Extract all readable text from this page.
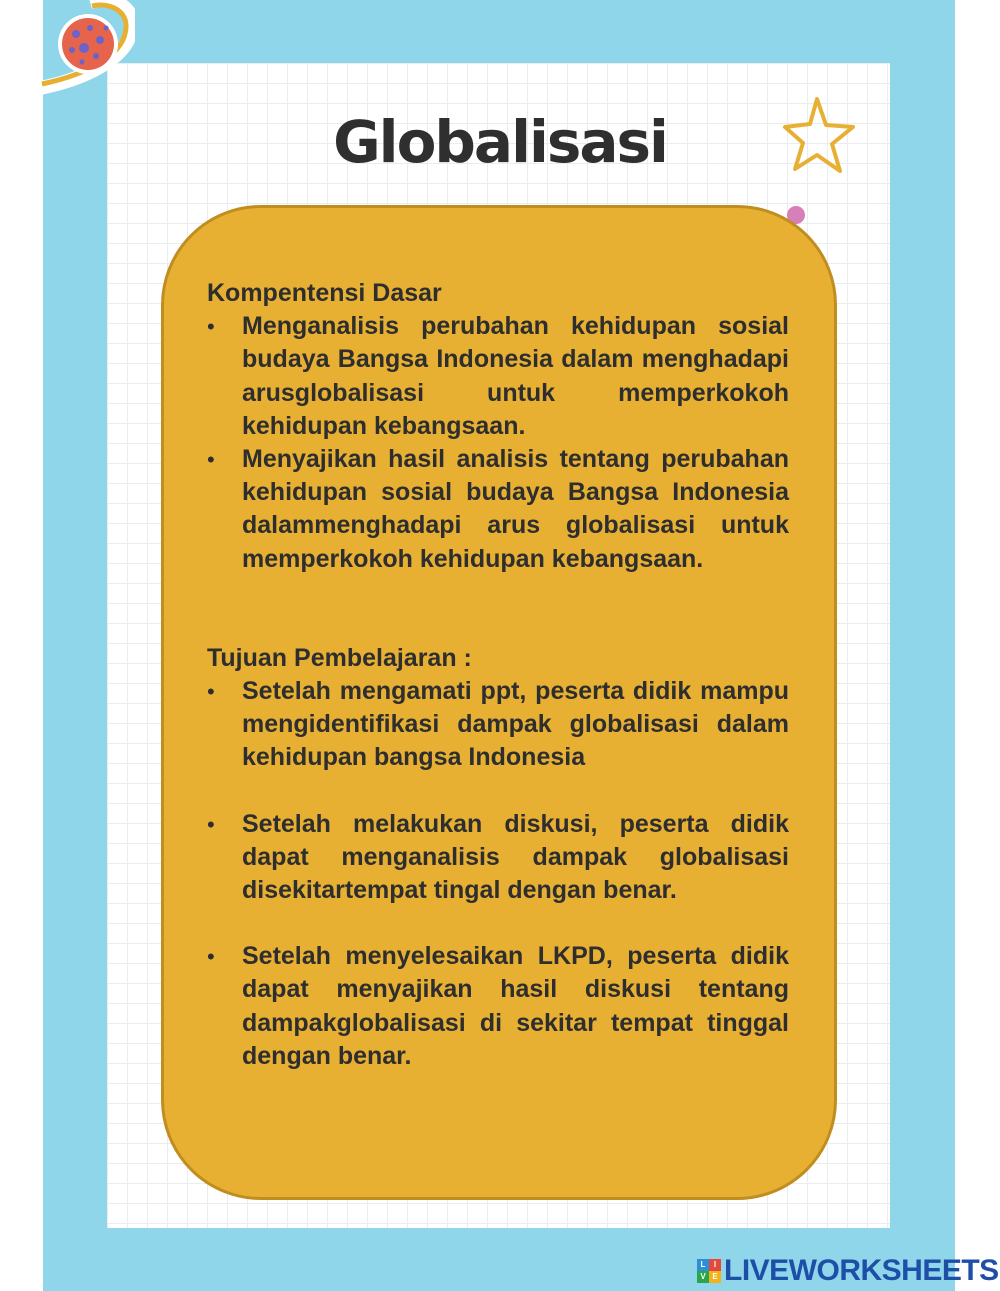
Globalisasi

Kompentensi Dasar

•	Menganalisis perubahan kehidupan sosial budaya Bangsa Indonesia dalam menghadapi arusglobalisasi untuk memperkokoh kehidupan kebangsaan.
•	Menyajikan hasil analisis tentang perubahan kehidupan sosial budaya Bangsa Indonesia dalammenghadapi arus globalisasi untuk memperkokoh kehidupan kebangsaan.

Tujuan Pembelajaran :

•	Setelah mengamati ppt, peserta didik mampu mengidentifikasi dampak globalisasi dalam kehidupan bangsa Indonesia
•	Setelah melakukan diskusi, peserta didik dapat menganalisis dampak globalisasi disekitartempat tingal dengan benar.
•	Setelah menyelesaikan LKPD, peserta didik dapat menyajikan hasil diskusi tentang dampakglobalisasi di sekitar tempat tinggal dengan benar.
L	I
V E LIVEWORKSHEETS
